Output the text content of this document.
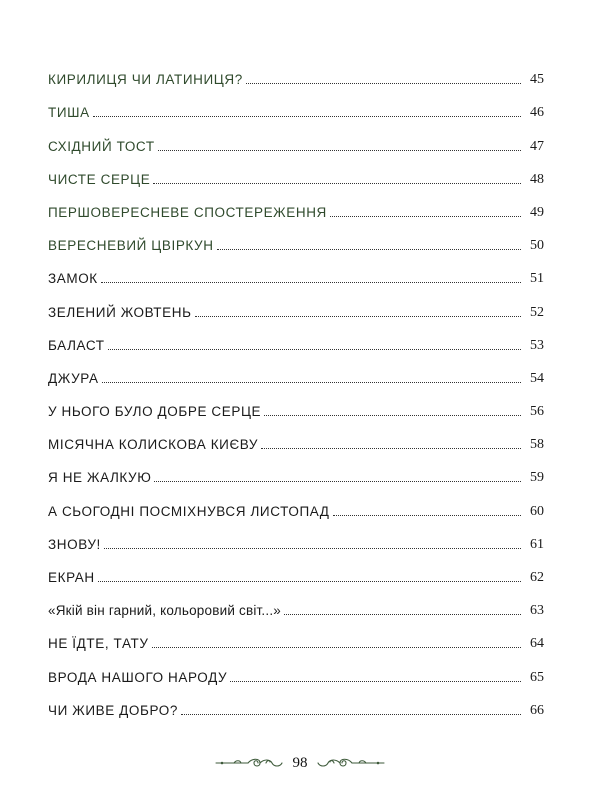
КИРИЛИЦЯ ЧИ ЛАТИНИЦЯ?	45
ТИША	46
СХІДНИЙ ТОСТ	47
ЧИСТЕ СЕРЦЕ	48
ПЕРШОВЕРЕСНЕВЕ СПОСТЕРЕЖЕННЯ	49
ВЕРЕСНЕВИЙ ЦВІРКУН	50
ЗАМОК	51
ЗЕЛЕНИЙ ЖОВТЕНЬ	52
БАЛАСТ	53
ДЖУРА	54
У НЬОГО БУЛО ДОБРЕ СЕРЦЕ	56
МІСЯЧНА КОЛИСКОВА КИЄВУ	58
Я НЕ ЖАЛКУЮ	59
А СЬОГОДНІ ПОСМІХНУВСЯ ЛИСТОПАД	60
ЗНОВУ!	61
ЕКРАН	62
«Якій він гарний, кольоровий світ...»	63
НЕ ЇДТЕ, ТАТУ	64
ВРОДА НАШОГО НАРОДУ	65
ЧИ ЖИВЕ ДОБРО?	66
98
